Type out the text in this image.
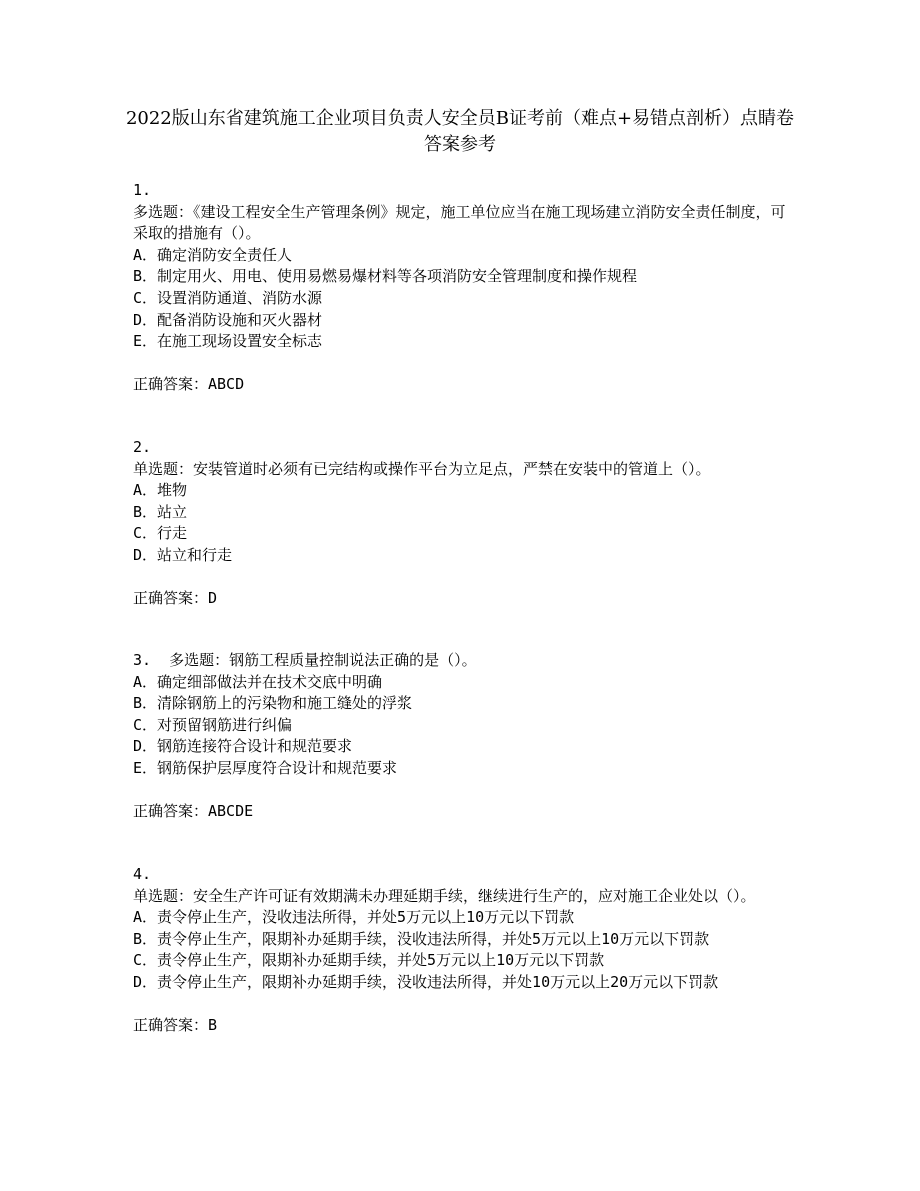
2022版山东省建筑施工企业项目负责人安全员B证考前（难点+易错点剖析）点睛卷答案参考
1.
多选题：《建设工程安全生产管理条例》规定，施工单位应当在施工现场建立消防安全责任制度，可采取的措施有（）。
A．确定消防安全责任人
B．制定用火、用电、使用易燃易爆材料等各项消防安全管理制度和操作规程
C．设置消防通道、消防水源
D．配备消防设施和灭火器材
E．在施工现场设置安全标志
正确答案：ABCD
2.
单选题：安装管道时必须有已完结构或操作平台为立足点，严禁在安装中的管道上（）。
A．堆物
B．站立
C．行走
D．站立和行走
正确答案：D
3. 多选题：钢筋工程质量控制说法正确的是（）。
A．确定细部做法并在技术交底中明确
B．清除钢筋上的污染物和施工缝处的浮浆
C．对预留钢筋进行纠偏
D．钢筋连接符合设计和规范要求
E．钢筋保护层厚度符合设计和规范要求
正确答案：ABCDE
4.
单选题：安全生产许可证有效期满未办理延期手续，继续进行生产的，应对施工企业处以（）。
A．责令停止生产，没收违法所得，并处5万元以上10万元以下罚款
B．责令停止生产，限期补办延期手续，没收违法所得，并处5万元以上10万元以下罚款
C．责令停止生产，限期补办延期手续，并处5万元以上10万元以下罚款
D．责令停止生产，限期补办延期手续，没收违法所得，并处10万元以上20万元以下罚款
正确答案：B
